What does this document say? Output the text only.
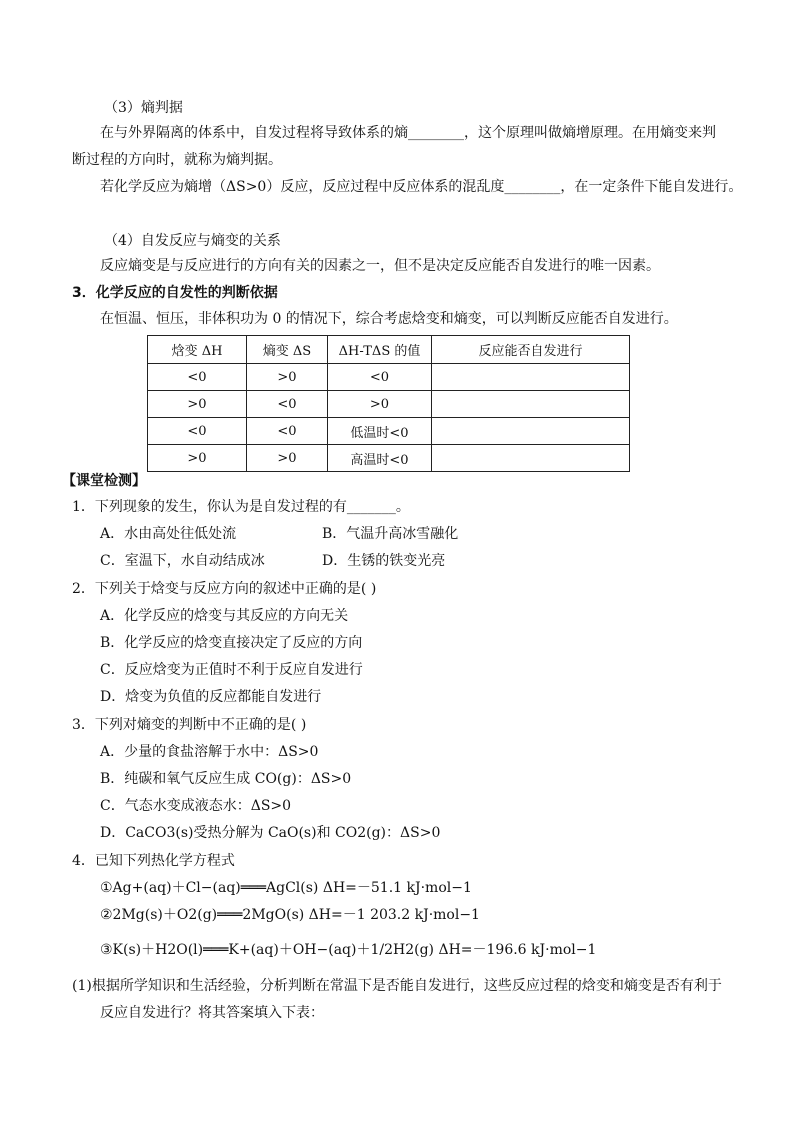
（3）熵判据
在与外界隔离的体系中，自发过程将导致体系的熵________，这个原理叫做熵增原理。在用熵变来判
断过程的方向时，就称为熵判据。
若化学反应为熵增（ΔS>0）反应，反应过程中反应体系的混乱度________，在一定条件下能自发进行。
（4）自发反应与熵变的关系
反应熵变是与反应进行的方向有关的因素之一，但不是决定反应能否自发进行的唯一因素。
3．化学反应的自发性的判断依据
在恒温、恒压，非体积功为 0 的情况下，综合考虑焓变和熵变，可以判断反应能否自发进行。
焓变 ΔH	熵变 ΔS	ΔH-TΔS 的值	反应能否自发进行
<0	>0	<0	
>0	<0	>0	
<0	<0	低温时<0	
>0	>0	高温时<0	
【课堂检测】
1．下列现象的发生，你认为是自发过程的有_______。
A．水由高处往低处流	B．气温升高冰雪融化
C．室温下，水自动结成冰	D．生锈的铁变光亮
2．下列关于焓变与反应方向的叙述中正确的是( )
A．化学反应的焓变与其反应的方向无关
B．化学反应的焓变直接决定了反应的方向
C．反应焓变为正值时不利于反应自发进行
D．焓变为负值的反应都能自发进行
3．下列对熵变的判断中不正确的是( )
A．少量的食盐溶解于水中：ΔS>0
B．纯碳和氧气反应生成 CO(g)：ΔS>0
C．气态水变成液态水：ΔS>0
D．CaCO3(s)受热分解为 CaO(s)和 CO2(g)：ΔS>0
4．已知下列热化学方程式
①Ag+(aq)＋Cl−(aq)═══AgCl(s) ΔH=－51.1 kJ·mol−1
②2Mg(s)＋O2(g)═══2MgO(s) ΔH=－1 203.2 kJ·mol−1
③K(s)＋H2O(l)═══K+(aq)＋OH−(aq)＋1/2H2(g) ΔH=－196.6 kJ·mol−1
(1)根据所学知识和生活经验，分析判断在常温下是否能自发进行，这些反应过程的焓变和熵变是否有利于
反应自发进行？将其答案填入下表：
